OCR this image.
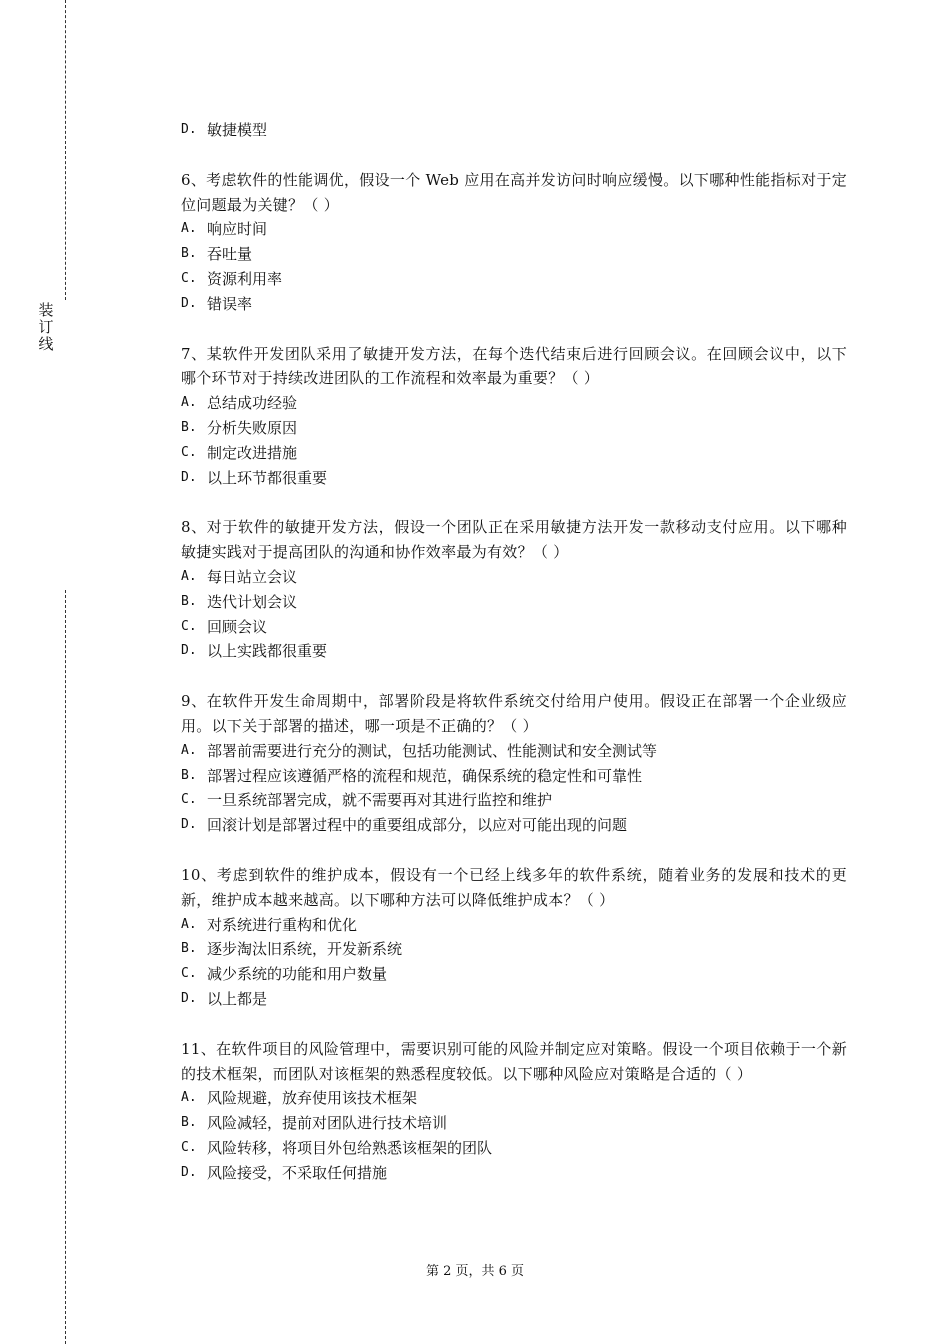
装
订
线
D. 敏捷模型
6、考虑软件的性能调优，假设一个 Web 应用在高并发访问时响应缓慢。以下哪种性能指标对于定位问题最为关键？（ ）
A. 响应时间
B. 吞吐量
C. 资源利用率
D. 错误率
7、某软件开发团队采用了敏捷开发方法，在每个迭代结束后进行回顾会议。在回顾会议中，以下哪个环节对于持续改进团队的工作流程和效率最为重要？（ ）
A. 总结成功经验
B. 分析失败原因
C. 制定改进措施
D. 以上环节都很重要
8、对于软件的敏捷开发方法，假设一个团队正在采用敏捷方法开发一款移动支付应用。以下哪种敏捷实践对于提高团队的沟通和协作效率最为有效？（ ）
A. 每日站立会议
B. 迭代计划会议
C. 回顾会议
D. 以上实践都很重要
9、在软件开发生命周期中，部署阶段是将软件系统交付给用户使用。假设正在部署一个企业级应用。以下关于部署的描述，哪一项是不正确的？（ ）
A. 部署前需要进行充分的测试，包括功能测试、性能测试和安全测试等
B. 部署过程应该遵循严格的流程和规范，确保系统的稳定性和可靠性
C. 一旦系统部署完成，就不需要再对其进行监控和维护
D. 回滚计划是部署过程中的重要组成部分，以应对可能出现的问题
10、考虑到软件的维护成本，假设有一个已经上线多年的软件系统，随着业务的发展和技术的更新，维护成本越来越高。以下哪种方法可以降低维护成本？（ ）
A. 对系统进行重构和优化
B. 逐步淘汰旧系统，开发新系统
C. 减少系统的功能和用户数量
D. 以上都是
11、在软件项目的风险管理中，需要识别可能的风险并制定应对策略。假设一个项目依赖于一个新的技术框架，而团队对该框架的熟悉程度较低。以下哪种风险应对策略是合适的（ ）
A. 风险规避，放弃使用该技术框架
B. 风险减轻，提前对团队进行技术培训
C. 风险转移，将项目外包给熟悉该框架的团队
D. 风险接受，不采取任何措施
第 2 页，共 6 页
